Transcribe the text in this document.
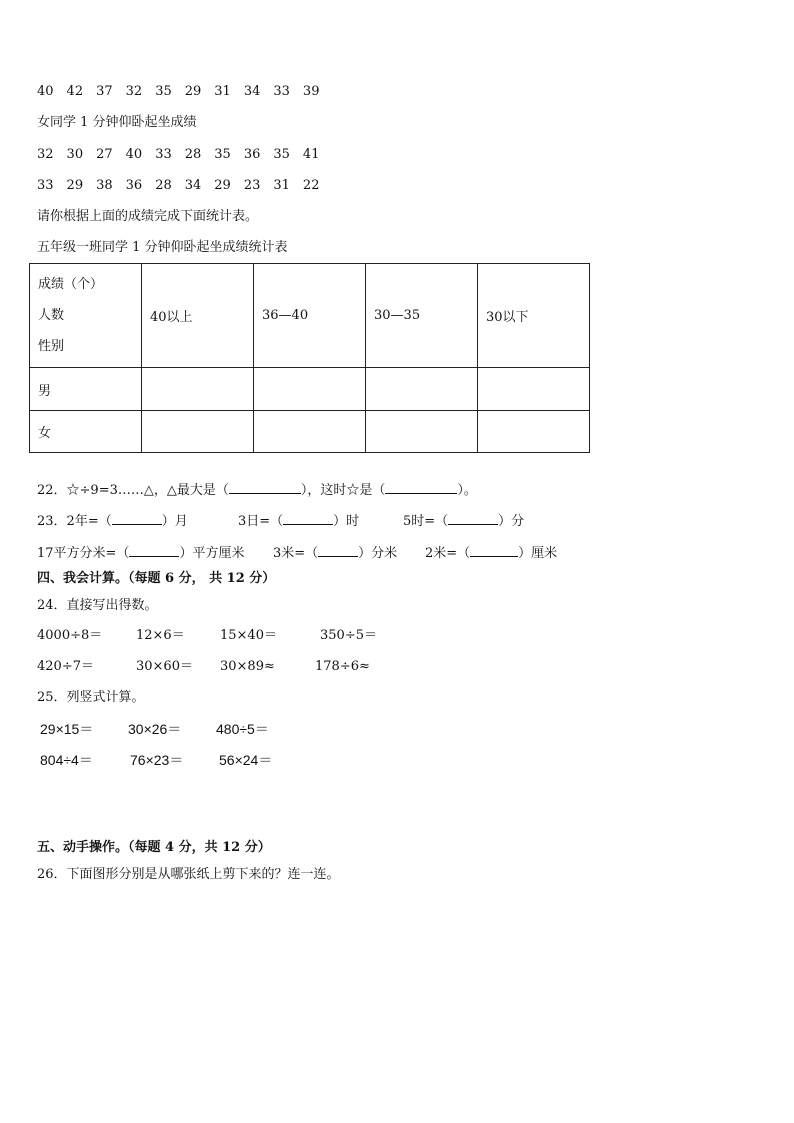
40 42 37 32 35 29 31 34 33 39
女同学 1 分钟仰卧起坐成绩
32 30 27 40 33 28 35 36 35 41
33 29 38 36 28 34 29 23 31 22
请你根据上面的成绩完成下面统计表。
五年级一班同学 1 分钟仰卧起坐成绩统计表
成绩（个）
人数
性别	40以上	36—40	30—35	30以下
男				
女				
22．☆÷9=3……△，△最大是（	），这时☆是（	）。
23．2年=（	）月	3日=（	）时	5时=（	）分
17平方分米=（	）平方厘米 3米=（	）分米 2米=（	）厘米
四、我会计算。（每题 6 分， 共 12 分）
24．直接写出得数。
4000÷8＝	12×6＝	15×40＝	350÷5＝
420÷7＝	30×60＝ 30×89≈	178÷6≈
25．列竖式计算。
29×15＝ 30×26＝ 480÷5＝
804÷4＝	76×23＝	56×24＝
五、动手操作。（每题 4 分，共 12 分）
26．下面图形分别是从哪张纸上剪下来的？连一连。
